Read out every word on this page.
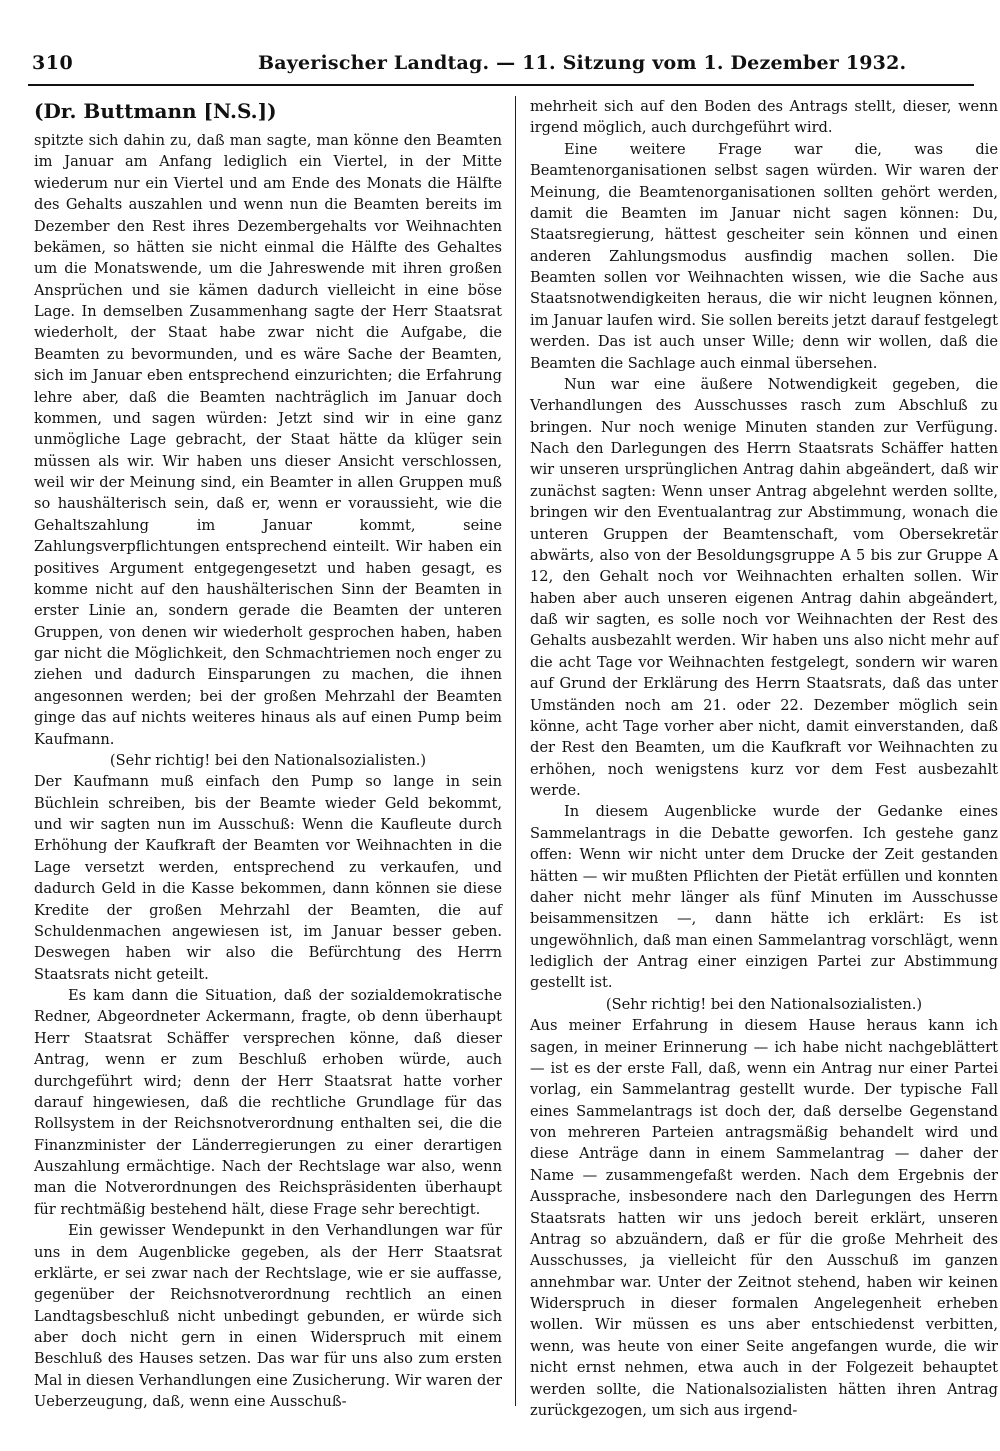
310	Bayerischer Landtag. — 11. Sitzung vom 1. Dezember 1932.
(Dr. Buttmann [N.S.])

spitzte sich dahin zu, daß man sagte, man könne den Beamten im Januar am Anfang lediglich ein Viertel, in der Mitte wiederum nur ein Viertel und am Ende des Monats die Hälfte des Gehalts auszahlen und wenn nun die Beamten bereits im Dezember den Rest ihres Dezembergehalts vor Weihnachten bekämen, so hätten sie nicht einmal die Hälfte des Gehaltes um die Monatswende, um die Jahreswende mit ihren großen Ansprüchen und sie kämen dadurch vielleicht in eine böse Lage. In demselben Zusammenhang sagte der Herr Staatsrat wiederholt, der Staat habe zwar nicht die Aufgabe, die Beamten zu bevormunden, und es wäre Sache der Beamten, sich im Januar eben entsprechend einzurichten; die Erfahrung lehre aber, daß die Beamten nachträglich im Januar doch kommen, und sagen würden: Jetzt sind wir in eine ganz unmögliche Lage gebracht, der Staat hätte da klüger sein müssen als wir. Wir haben uns dieser Ansicht verschlossen, weil wir der Meinung sind, ein Beamter in allen Gruppen muß so haushälterisch sein, daß er, wenn er voraussieht, wie die Gehaltszahlung im Januar kommt, seine Zahlungsverpflichtungen entsprechend einteilt. Wir haben ein positives Argument entgegengesetzt und haben gesagt, es komme nicht auf den haushälterischen Sinn der Beamten in erster Linie an, sondern gerade die Beamten der unteren Gruppen, von denen wir wiederholt gesprochen haben, haben gar nicht die Möglichkeit, den Schmachtriemen noch enger zu ziehen und dadurch Einsparungen zu machen, die ihnen angesonnen werden; bei der großen Mehrzahl der Beamten ginge das auf nichts weiteres hinaus als auf einen Pump beim Kaufmann.

(Sehr richtig! bei den Nationalsozialisten.)

Der Kaufmann muß einfach den Pump so lange in sein Büchlein schreiben, bis der Beamte wieder Geld bekommt, und wir sagten nun im Ausschuß: Wenn die Kaufleute durch Erhöhung der Kaufkraft der Beamten vor Weihnachten in die Lage versetzt werden, entsprechend zu verkaufen, und dadurch Geld in die Kasse bekommen, dann können sie diese Kredite der großen Mehrzahl der Beamten, die auf Schuldenmachen angewiesen ist, im Januar besser geben. Deswegen haben wir also die Befürchtung des Herrn Staatsrats nicht geteilt.

Es kam dann die Situation, daß der sozialdemokratische Redner, Abgeordneter Ackermann, fragte, ob denn überhaupt Herr Staatsrat Schäffer versprechen könne, daß dieser Antrag, wenn er zum Beschluß erhoben würde, auch durchgeführt wird; denn der Herr Staatsrat hatte vorher darauf hingewiesen, daß die rechtliche Grundlage für das Rollsystem in der Reichsnotverordnung enthalten sei, die die Finanzminister der Länderregierungen zu einer derartigen Auszahlung ermächtige. Nach der Rechtslage war also, wenn man die Notverordnungen des Reichspräsidenten überhaupt für rechtmäßig bestehend hält, diese Frage sehr berechtigt.

Ein gewisser Wendepunkt in den Verhandlungen war für uns in dem Augenblicke gegeben, als der Herr Staatsrat erklärte, er sei zwar nach der Rechtslage, wie er sie auffasse, gegenüber der Reichsnotverordnung rechtlich an einen Landtagsbeschluß nicht unbedingt gebunden, er würde sich aber doch nicht gern in einen Widerspruch mit einem Beschluß des Hauses setzen. Das war für uns also zum ersten Mal in diesen Verhandlungen eine Zusicherung. Wir waren der Ueberzeugung, daß, wenn eine Ausschuß-

mehrheit sich auf den Boden des Antrags stellt, dieser, wenn irgend möglich, auch durchgeführt wird.

Eine weitere Frage war die, was die Beamtenorganisationen selbst sagen würden. Wir waren der Meinung, die Beamtenorganisationen sollten gehört werden, damit die Beamten im Januar nicht sagen können: Du, Staatsregierung, hättest gescheiter sein können und einen anderen Zahlungsmodus ausfindig machen sollen. Die Beamten sollen vor Weihnachten wissen, wie die Sache aus Staatsnotwendigkeiten heraus, die wir nicht leugnen können, im Januar laufen wird. Sie sollen bereits jetzt darauf festgelegt werden. Das ist auch unser Wille; denn wir wollen, daß die Beamten die Sachlage auch einmal übersehen.

Nun war eine äußere Notwendigkeit gegeben, die Verhandlungen des Ausschusses rasch zum Abschluß zu bringen. Nur noch wenige Minuten standen zur Verfügung. Nach den Darlegungen des Herrn Staatsrats Schäffer hatten wir unseren ursprünglichen Antrag dahin abgeändert, daß wir zunächst sagten: Wenn unser Antrag abgelehnt werden sollte, bringen wir den Eventualantrag zur Abstimmung, wonach die unteren Gruppen der Beamtenschaft, vom Obersekretär abwärts, also von der Besoldungsgruppe A 5 bis zur Gruppe A 12, den Gehalt noch vor Weihnachten erhalten sollen. Wir haben aber auch unseren eigenen Antrag dahin abgeändert, daß wir sagten, es solle noch vor Weihnachten der Rest des Gehalts ausbezahlt werden. Wir haben uns also nicht mehr auf die acht Tage vor Weihnachten festgelegt, sondern wir waren auf Grund der Erklärung des Herrn Staatsrats, daß das unter Umständen noch am 21. oder 22. Dezember möglich sein könne, acht Tage vorher aber nicht, damit einverstanden, daß der Rest den Beamten, um die Kaufkraft vor Weihnachten zu erhöhen, noch wenigstens kurz vor dem Fest ausbezahlt werde.

In diesem Augenblicke wurde der Gedanke eines Sammelantrags in die Debatte geworfen. Ich gestehe ganz offen: Wenn wir nicht unter dem Drucke der Zeit gestanden hätten — wir mußten Pflichten der Pietät erfüllen und konnten daher nicht mehr länger als fünf Minuten im Ausschusse beisammensitzen —, dann hätte ich erklärt: Es ist ungewöhnlich, daß man einen Sammelantrag vorschlägt, wenn lediglich der Antrag einer einzigen Partei zur Abstimmung gestellt ist.

(Sehr richtig! bei den Nationalsozialisten.)

Aus meiner Erfahrung in diesem Hause heraus kann ich sagen, in meiner Erinnerung — ich habe nicht nachgeblättert — ist es der erste Fall, daß, wenn ein Antrag nur einer Partei vorlag, ein Sammelantrag gestellt wurde. Der typische Fall eines Sammelantrags ist doch der, daß derselbe Gegenstand von mehreren Parteien antragsmäßig behandelt wird und diese Anträge dann in einem Sammelantrag — daher der Name — zusammengefaßt werden. Nach dem Ergebnis der Aussprache, insbesondere nach den Darlegungen des Herrn Staatsrats hatten wir uns jedoch bereit erklärt, unseren Antrag so abzuändern, daß er für die große Mehrheit des Ausschusses, ja vielleicht für den Ausschuß im ganzen annehmbar war. Unter der Zeitnot stehend, haben wir keinen Widerspruch in dieser formalen Angelegenheit erheben wollen. Wir müssen es uns aber entschiedenst verbitten, wenn, was heute von einer Seite angefangen wurde, die wir nicht ernst nehmen, etwa auch in der Folgezeit behauptet werden sollte, die Nationalsozialisten hätten ihren Antrag zurückgezogen, um sich aus irgend-
